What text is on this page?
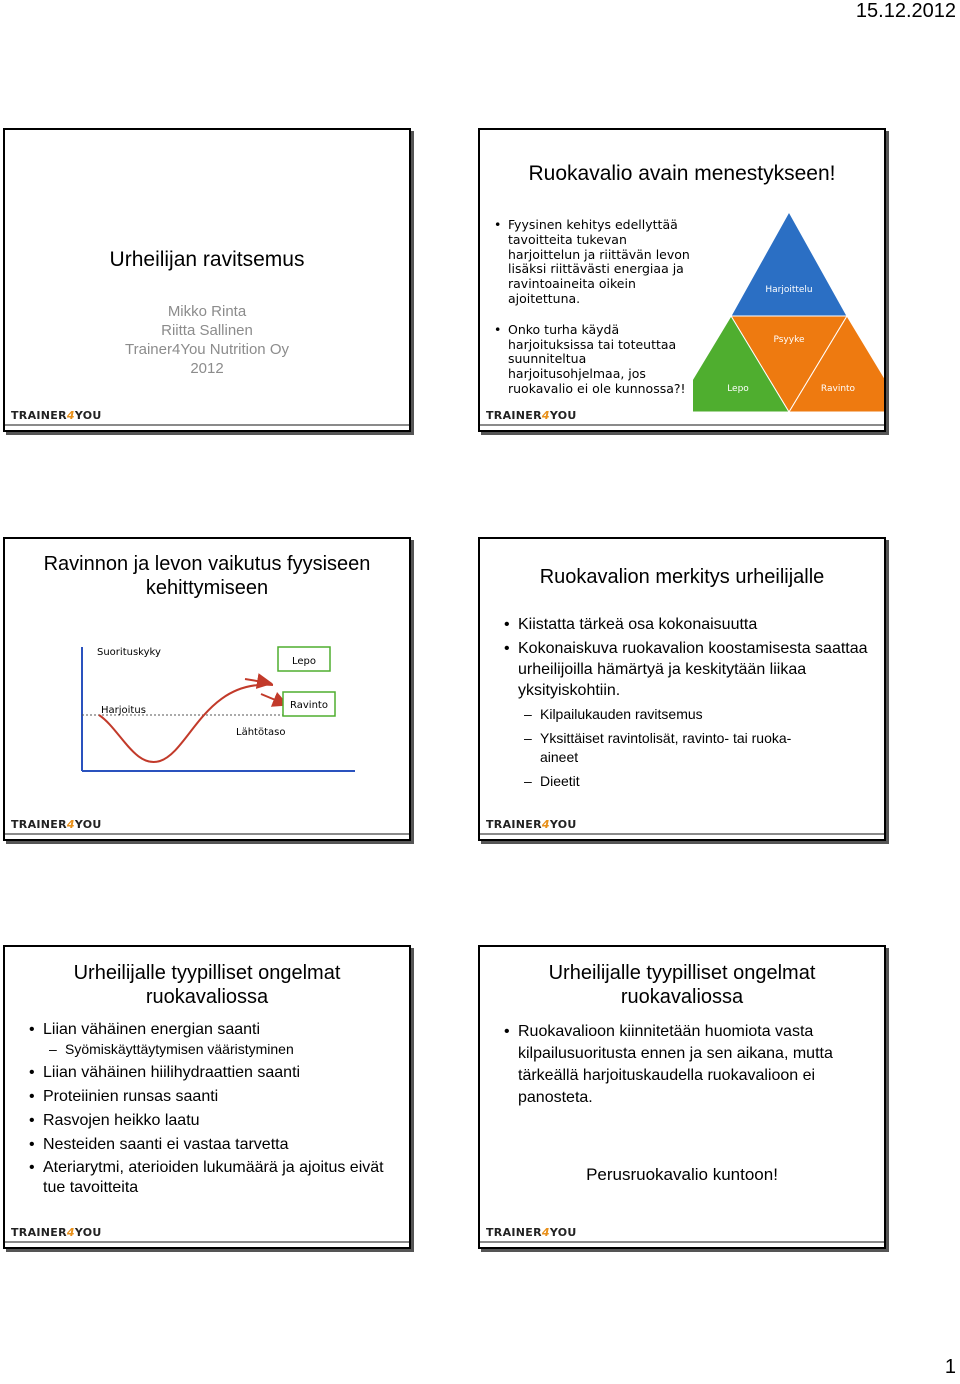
15.12.2012
Urheilijan ravitsemus
Mikko Rinta
Riitta Sallinen
Trainer4You Nutrition Oy
2012
TRAINER4YOU
Ruokavalio avain menestykseen!
• Fyysinen kehitys edellyttää tavoitteita tukevan harjoittelun ja riittävän levon lisäksi riittävästi energiaa ja ravintoaineita oikein ajoitettuna.
• Onko turha käydä harjoituksissa tai toteuttaa suunniteltua harjoitusohjelmaa, jos ruokavalio ei ole kunnossa?!
Harjoittelu
Psyyke
Lepo	Ravinto
TRAINER4YOU
Ravinnon ja levon vaikutus fyysiseen kehittymiseen
Suorituskyky
Harjoitus
Lähtötaso
Lepo
Ravinto
TRAINER4YOU
Ruokavalion merkitys urheilijalle
• Kiistatta tärkeä osa kokonaisuutta
• Kokonaiskuva ruokavalion koostamisesta saattaa urheilijoilla hämärtyä ja keskitytään liikaa yksityiskohtiin.
– Kilpailukauden ravitsemus
– Yksittäiset ravintolisät, ravinto- tai ruoka-aineet
– Dieetit
TRAINER4YOU
Urheilijalle tyypilliset ongelmat ruokavaliossa
• Liian vähäinen energian saanti
– Syömiskäyttäytymisen vääristyminen
• Liian vähäinen hiilihydraattien saanti
• Proteiinien runsas saanti
• Rasvojen heikko laatu
• Nesteiden saanti ei vastaa tarvetta
• Ateriarytmi, aterioiden lukumäärä ja ajoitus eivät tue tavoitteita
TRAINER4YOU
Urheilijalle tyypilliset ongelmat ruokavaliossa
• Ruokavalioon kiinnitetään huomiota vasta kilpailusuoritusta ennen ja sen aikana, mutta tärkeällä harjoituskaudella ruokavalioon ei panosteta.
Perusruokavalio kuntoon!
TRAINER4YOU
1
